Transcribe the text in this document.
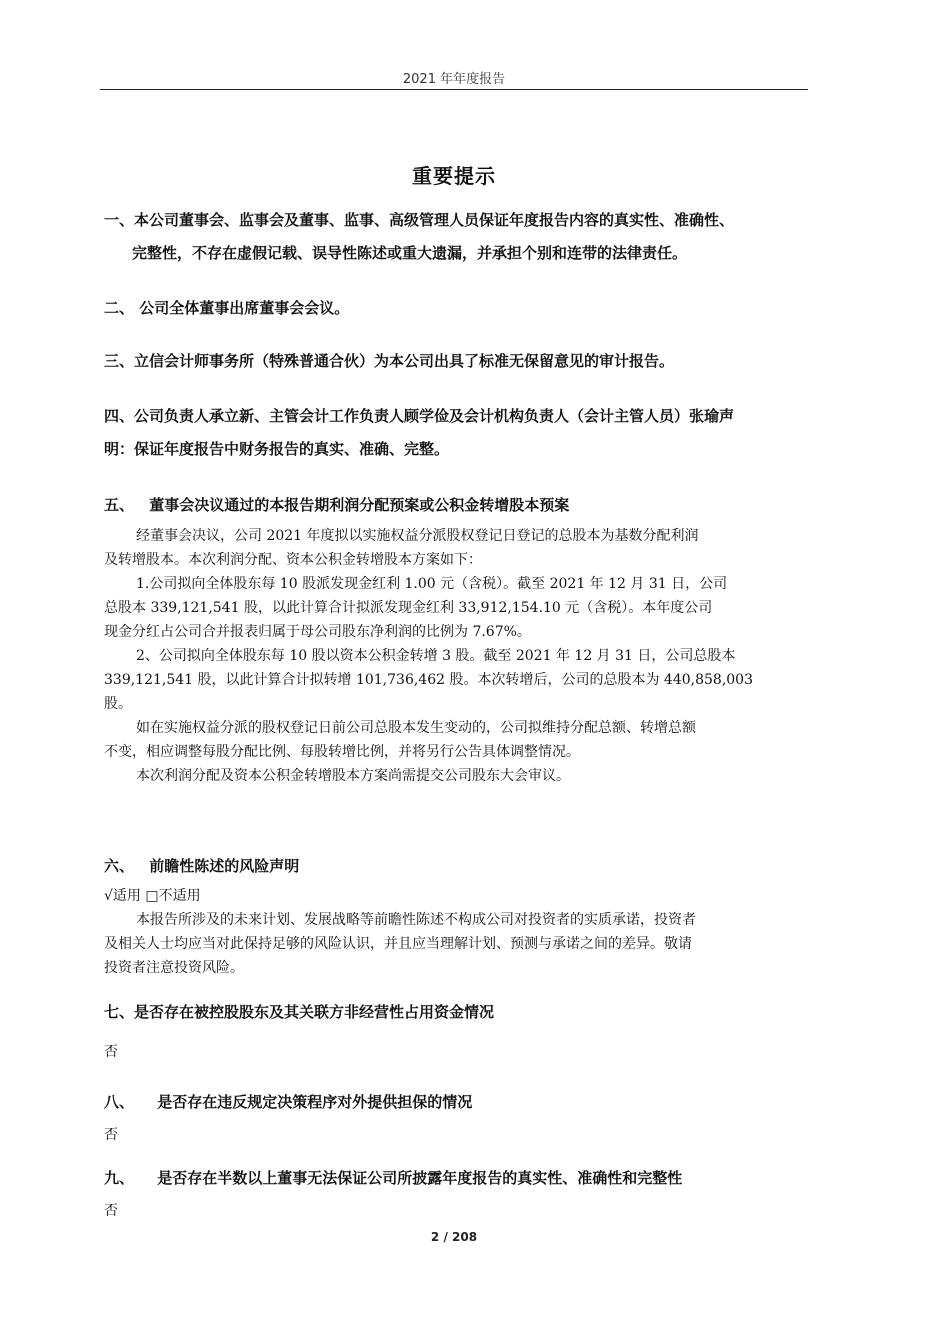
2021 年年度报告
重要提示
一、本公司董事会、监事会及董事、监事、高级管理人员保证年度报告内容的真实性、准确性、
完整性，不存在虚假记载、误导性陈述或重大遗漏，并承担个别和连带的法律责任。
二、 公司全体董事出席董事会会议。
三、立信会计师事务所（特殊普通合伙）为本公司出具了标准无保留意见的审计报告。
四、公司负责人承立新、主管会计工作负责人顾学俭及会计机构负责人（会计主管人员）张瑜声
明：保证年度报告中财务报告的真实、准确、完整。
五、 董事会决议通过的本报告期利润分配预案或公积金转增股本预案
经董事会决议，公司 2021 年度拟以实施权益分派股权登记日登记的总股本为基数分配利润
及转增股本。本次利润分配、资本公积金转增股本方案如下：
1.公司拟向全体股东每 10 股派发现金红利 1.00 元（含税）。截至 2021 年 12 月 31 日，公司
总股本 339,121,541 股，以此计算合计拟派发现金红利 33,912,154.10 元（含税）。本年度公司
现金分红占公司合并报表归属于母公司股东净利润的比例为 7.67%。
2、公司拟向全体股东每 10 股以资本公积金转增 3 股。截至 2021 年 12 月 31 日，公司总股本
339,121,541 股，以此计算合计拟转增 101,736,462 股。本次转增后，公司的总股本为 440,858,003
股。
如在实施权益分派的股权登记日前公司总股本发生变动的，公司拟维持分配总额、转增总额
不变，相应调整每股分配比例、每股转增比例，并将另行公告具体调整情况。
本次利润分配及资本公积金转增股本方案尚需提交公司股东大会审议。
六、 前瞻性陈述的风险声明
√适用 □不适用
本报告所涉及的未来计划、发展战略等前瞻性陈述不构成公司对投资者的实质承诺，投资者
及相关人士均应当对此保持足够的风险认识，并且应当理解计划、预测与承诺之间的差异。敬请
投资者注意投资风险。
七、是否存在被控股股东及其关联方非经营性占用资金情况
否
八、 是否存在违反规定决策程序对外提供担保的情况
否
九、 是否存在半数以上董事无法保证公司所披露年度报告的真实性、准确性和完整性
否
2 / 208
